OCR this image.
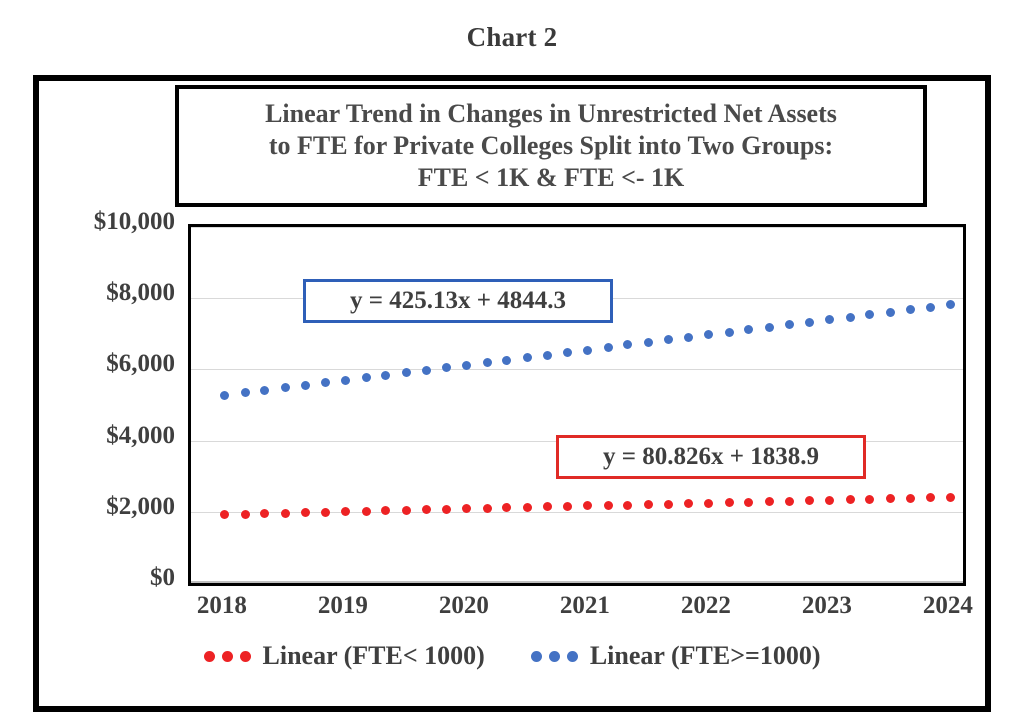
Chart 2
Linear Trend in Changes in Unrestricted Net Assets
to FTE for Private Colleges Split into Two Groups:
FTE < 1K & FTE <- 1K
$0
$2,000
$4,000
$6,000
$8,000
$10,000
2018	2019	2020	2021	2022	2023	2024
y = 425.13x + 4844.3
y = 80.826x + 1838.9
Linear (FTE< 1000)	Linear (FTE>=1000)
